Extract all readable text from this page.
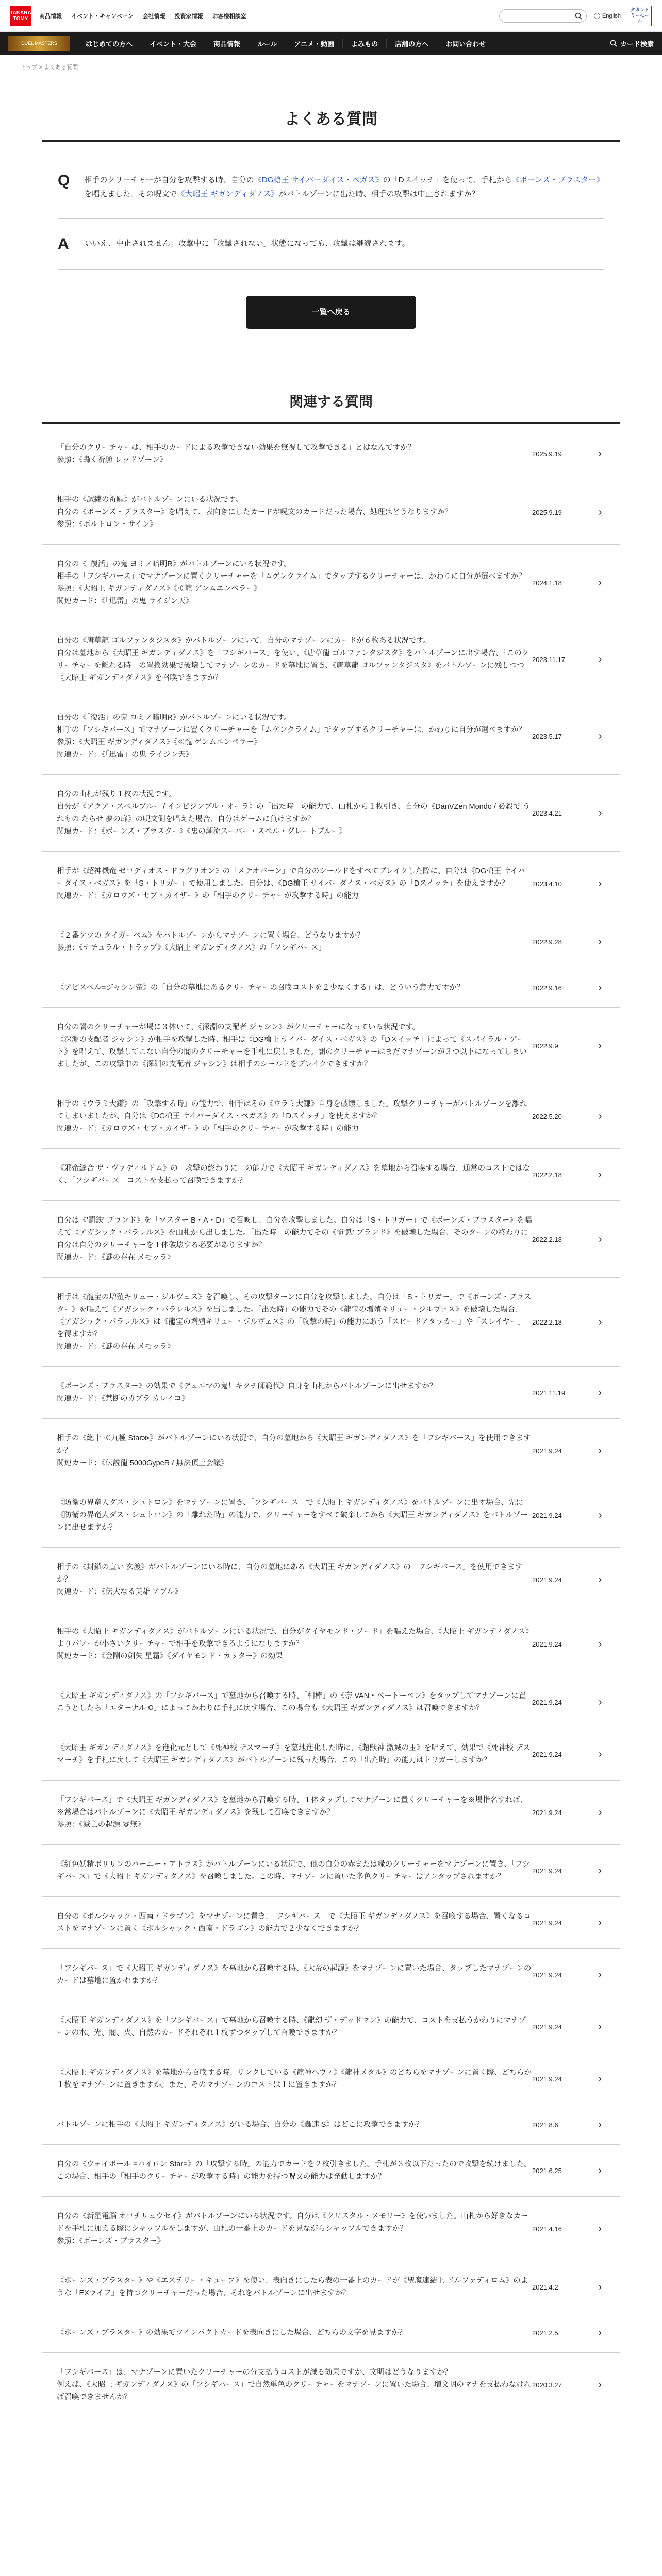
TAKARA
TOMY 商品情報 イベント・キャンペーン 会社情報 投資家情報 お客様相談室	English
タカラトミーモール
DUEL MASTERS	はじめての方へ	イベント・大会	商品情報	ルール	アニメ・動画	よみもの	店舗の方へ	お問い合わせ	カード検索
トップ > よくある質問
よくある質問
Q 相手のクリーチャーが自分を攻撃する時、自分の《DG槍王 サイバーダイス・ベガス》の「Dスイッチ」を使って、手札から《ボーンズ・ブラスター》を唱えました。その呪文で《大昭王 ギガンディダノス》がバトルゾーンに出た時、相手の攻撃は中止されますか？
A いいえ、中止されません。攻撃中に「攻撃されない」状態になっても、攻撃は継続されます。
一覧へ戻る
関連する質問
「自分のクリーチャーは、相手のカードによる攻撃できない効果を無視して攻撃できる」とはなんですか？
参照：《轟く祈願 レッドゾーン》
2025.9.19	›
相手の《試練の祈願》がバトルゾーンにいる状況です。
自分の《ボーンズ・ブラスター》を唱えて、表向きにしたカードが呪文のカードだった場合、処理はどうなりますか？
参照：《ボルトロン・サイン》
2025.9.19	›
自分の《「復活」の鬼 ヨミノ暗明R》がバトルゾーンにいる状況です。
相手の「フシギバース」でマナゾーンに置くクリーチャーを「ムゲンクライム」でタップするクリーチャーは、かわりに自分が選べますか？
参照：《大昭王 ギガンディダノス》《≪龍 ゲンムエンペラー》
関連カード：《「迅雷」の鬼 ライジン天》
2024.1.18	›
自分の《唐草龍 ゴルファンタジスタ》がバトルゾーンにいて、自分のマナゾーンにカードが６枚ある状況です。
自分は墓地から《大昭王 ギガンディダノス》を「フシギバース」を使い、《唐草龍 ゴルファンタジスタ》をバトルゾーンに出す場合、「このクリーチャーを離れる時」の置換効果で破壊してマナゾーンのカードを墓地に置き、《唐草龍 ゴルファンタジスタ》をバトルゾーンに残しつつ《大昭王 ギガンディダノス》を召喚できますか？
2023.11.17	›
自分の《「復活」の鬼 ヨミノ暗明R》がバトルゾーンにいる状況です。
相手の「フシギバース」でマナゾーンに置くクリーチャーを「ムゲンクライム」でタップするクリーチャーは、かわりに自分が選べますか？
参照：《大昭王 ギガンディダノス》《≪龍 ゲンムエンペラー》
関連カード：《「迅雷」の鬼 ライジン天》
2023.5.17	›
自分の山札が残り１枚の状況です。
自分が《アクア・スペルブルー / インビジンブル・オーラ》の「出た時」の能力で、山札から１枚引き、自分の《DanVZen Mondo / 必殺で うれもの たらせ 夢の扉》の呪文側を唱えた場合、自分はゲームに負けますか？
関連カード：《ボーンズ・ブラスター》《裏の潮流スーパー・スペル・グレートブルー》
2023.4.21	›
相手が《超神機竜 ゼロディオス・ドラグリオン》の「メテオバーン」で自分のシールドをすべてブレイクした際に、自分は《DG槍王 サイバーダイス・ベガス》を「S・トリガー」で使用しました。自分は、《DG槍王 サイバーダイス・ベガス》の「Dスイッチ」を使えますか？
関連カード：《ガロウズ・セブ・カイザー》の「相手のクリーチャーが攻撃する時」の能力
2023.4.10	›
《２番ケツの タイガーベム》をバトルゾーンからマナゾーンに置く場合、どうなりますか？
参照：《ナチュラル・トラップ》《大昭王 ギガンディダノス》の「フシギバース」
2022.9.28	›
《アビスベル=ジャシン帝》の「自分の墓地にあるクリーチャーの召喚コストを２少なくする」は、どういう意力ですか？	2022.9.16	›
自分の闇のクリーチャーが場に３体いて、《深淵の支配者 ジャシン》がクリーチャーになっている状況です。
《深淵の支配者 ジャシン》が相手を攻撃した時、相手は《DG槍王 サイバーダイス・ベガス》の「Dスイッチ」によって《スパイラル・ゲート》を唱えて、攻撃してこない自分の闇のクリーチャーを手札に戻しました。闇のクリーチャーはまだマナゾーンが３つ以下になってしまいましたが、この攻撃中の《深淵の支配者 ジャシン》は相手のシールドをブレイクできますか？
2022.9.9	›
相手の《ウラミ大鎌》の「攻撃する時」の能力で、相手はその《ウラミ大鎌》自身を破壊しました。攻撃クリーチャーがバトルゾーンを離れてしまいましたが、自分は《DG槍王 サイバーダイス・ベガス》の「Dスイッチ」を使えますか？
関連カード：《ガロウズ・セブ・カイザー》の「相手のクリーチャーが攻撃する時」の能力
2022.5.20	›
《邪帝縫合 ザ・ヴァディルドム》の「攻撃の終わりに」の能力で《大昭王 ギガンディダノス》を墓地から召喚する場合、通常のコストではなく、「フシギバース」コストを支払って召喚できますか？
2022.2.18	›
自分は《'罰鉄' ブランド》を「マスター B・A・D」で召喚し、自分を攻撃しました。自分は「S・トリガー」で《ボーンズ・ブラスター》を唱えて《アガシック・パラレルス》を山札から出しました。「出た時」の能力でその《'罰鉄' ブランド》を破壊した場合、そのターンの終わりに自分は自分のクリーチャーを１体破壊する必要がありますか？
関連カード：《謎の存在 メモッラ》
2022.2.18	›
相手は《龍宝の増殖キリュー・ジルヴェス》を召喚し、その攻撃ターンに自分を攻撃しました。自分は「S・トリガー」で《ボーンズ・ブラスター》を唱えて《アガシック・パラレルス》を出しました。「出た時」の能力でその《龍宝の増殖キリュー・ジルヴェス》を破壊した場合、《アガシック・パラレルス》は《龍宝の増殖キリュー・ジルヴェス》の「攻撃の時」の能力にあう「スピードアタッカー」や「スレイヤー」を得ますか？
関連カード：《謎の存在 メモッラ》
2022.2.18	›
《ボーンズ・ブラスター》の効果で《デュエマの鬼！キクチ師範代》自身を山札からバトルゾーンに出せますか？
関連カード：《禁断のカブラ カレイコ》
2021.11.19	›
相手の《絶十 ≪九極 Star≫》がバトルゾーンにいる状況で、自分の墓地から《大昭王 ギガンディダノス》を「フシギバース」を使用できますか？
関連カード：《伝説龍 5000GypeR / 無法頂上会議》
2021.9.24	›
《防衛の界竜人ダス・シュトロン》をマナゾーンに置き、「フシギバース」で《大昭王 ギガンディダノス》をバトルゾーンに出す場合、先に《防衛の界竜人ダス・シュトロン》の「離れた時」の能力で、クリーチャーをすべて破棄してから《大昭王 ギガンディダノス》をバトルゾーンに出せますか？
2021.9.24	›
相手の《封鎖の宣い 玄渡》がバトルゾーンにいる時に、自分の墓地にある《大昭王 ギガンディダノス》の「フシギバース」を使用できますか？
関連カード：《伝大なる英雄 アブル》
2021.9.24	›
相手の《大昭王 ギガンディダノス》がバトルゾーンにいる状況で、自分がダイヤモンド・ソード」を唱えた場合、《大昭王 ギガンディダノス》よりパワーが小さいクリーチャーで相手を攻撃できるようになりますか？
関連カード：《金剛の剣矢 星霜》《ダイヤモンド・カッター》の効果
2021.9.24	›
《大昭王 ギガンディダノス》の「フシギバース」で墓地から召喚する時、「相棒」の《奈 VAN・ベートーベン》をタップしてマナゾーンに置こうとしたら「エターナル Ω」によってかわりに手札に戻す場合、この場合も《大昭王 ギガンディダノス》は召喚できますか？
2021.9.24	›
《大昭王 ギガンディダノス》を進化元として《死神校 デスマーチ》を墓地進化した時に、《超獣神 激城の玉》を唱えて、効果で《死神校 デスマーチ》を手札に戻して《大昭王 ギガンディダノス》がバトルゾーンに残った場合、この「出た時」の能力はトリガーしますか？
2021.9.24	›
「フシギバース」で《大昭王 ギガンディダノス》を墓地から召喚する時、１体タップしてマナゾーンに置くクリーチャーを※場指名すれば、※常場合はバトルゾーンに《大昭王 ギガンディダノス》を残して召喚できますか？
参照：《滅亡の起源 零無》
2021.9.24	›
《紅色妖精ポリリンのバーニー・アトラス》がバトルゾーンにいる状況で、他の自分の赤または緑のクリーチャーをマナゾーンに置き、「フシギバース」で《大昭王 ギガンディダノス》を召喚しました。この時、マナゾーンに置いた多色クリーチャーはアンタップされますか？
2021.9.24	›
自分の《ボルシャック・西南・ドラゴン》をマナゾーンに置き、「フシギバース」で《大昭王 ギガンディダノス》を召喚する場合、置くなるコストをマナゾーンに置く《ボルシャック・西南・ドラゴン》の能力で２少なくできますか？
2021.9.24	›
「フシギバース」で《大昭王 ギガンディダノス》を墓地から召喚する時、《大帝の起源》をマナゾーンに置いた場合、タップしたマナゾーンのカードは墓地に置かれますか？
2021.9.24	›
《大昭王 ギガンディダノス》を「フシギバース」で墓地から召喚する時、《龍幻 ザ・デッドマン》の能力で、コストを支払うかわりにマナゾーンの水、光、闇、火、自然のカードそれぞれ１枚ずつタップして召喚できますか？
2021.9.24	›
《大昭王 ギガンディダノス》を墓地から召喚する時、リンクしている《龍神ヘヴィ》《龍神メタル》のどちらをマナゾーンに置く際、どちらか１枚をマナゾーンに置きますか。また、そのマナゾーンのコストは１に置きますか？
2021.9.24	›
バトルゾーンに相手の《大昭王 ギガンディダノス》がいる場合、自分の《轟速 S》はどこに攻撃できますか？	2021.8.6	›
自分の《ウォイボール =パイロン Star=》の「攻撃する時」の能力でカードを２枚引きました。手札が３枚以下だったので攻撃を続けました。この場合、相手の「相手のクリーチャーが攻撃する時」の能力を持つ呪文の能力は発動しますか？
2021.6.25	›
自分の《新星電脳 オロチリュウセイ》がバトルゾーンにいる状況です。自分は《クリスタル・メモリー》を使いました。山札から好きなカードを手札に加える際にシャッフルをしますが、山札の一番上のカードを見ながらシャッフルできますか？
参照：《ボーンズ・ブラスター》
2021.4.16	›
《ボーンズ・ブラスター》や《エステリー・キューブ》を使い、表向きにしたら表の一番上のカードが《聖魔連結王 ドルファディロム》のような「EXライフ」を持つクリーチャーだった場合、それをバトルゾーンに出せますか？
2021.4.2	›
《ボーンズ・ブラスター》の効果でツインパクトカードを表向きにした場合、どちらの文字を見ますか？	2021.2.5	›
「フシギバース」は、マナゾーンに置いたクリーチャーの分支払うコストが減る効果ですか、文明はどうなりますか？
例えば、《大昭王 ギガンディダノス》の「フシギバース」で自然単色のクリーチャーをマナゾーンに置いた場合、増文明のマナを支払わなければ召喚できませんか？
2020.3.27	›
